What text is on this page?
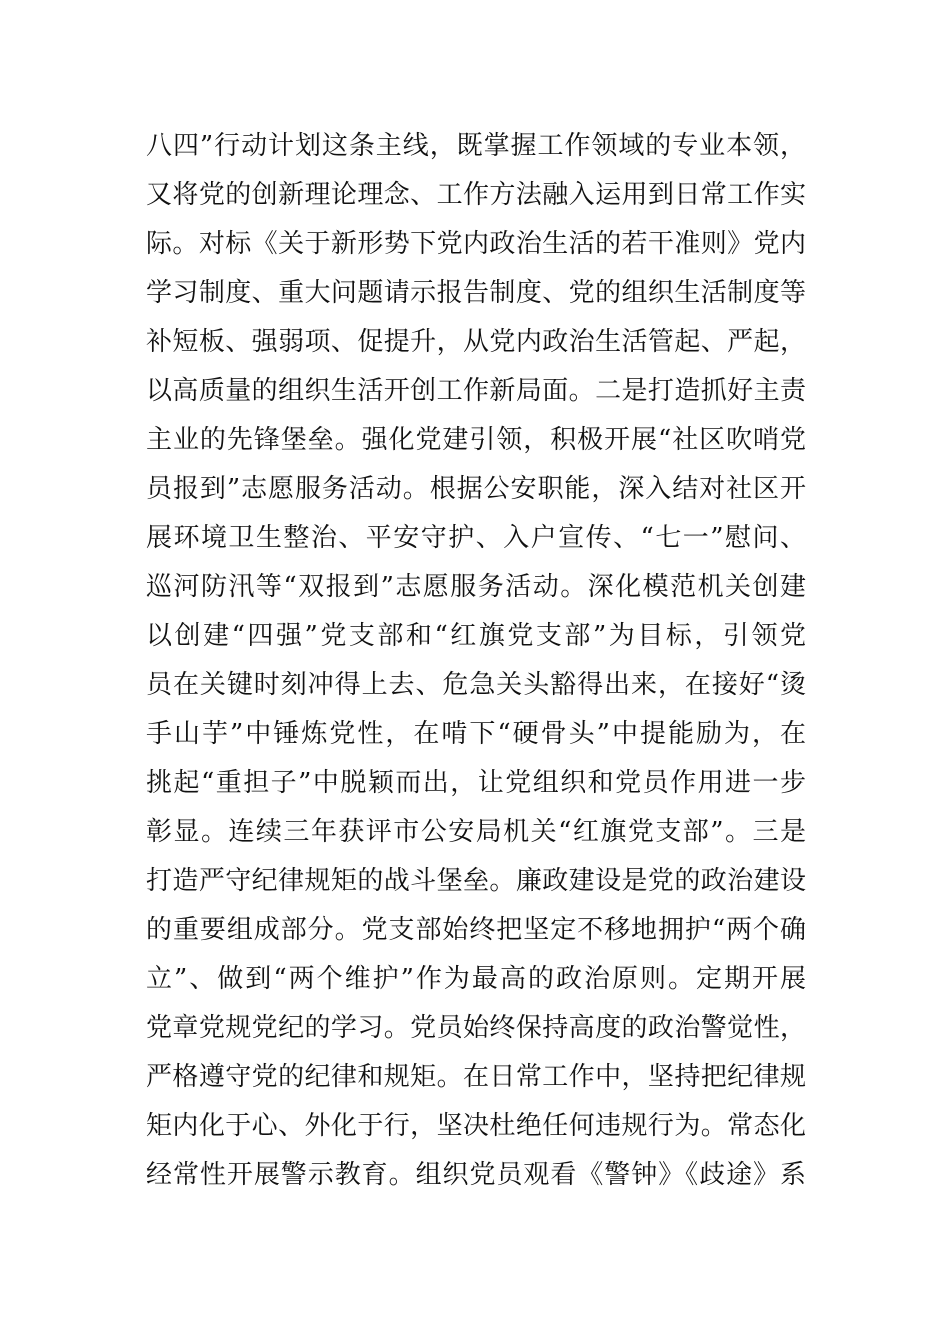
八四”行动计划这条主线，既掌握工作领域的专业本领，
又将党的创新理论理念、工作方法融入运用到日常工作实
际。对标《关于新形势下党内政治生活的若干准则》党内
学习制度、重大问题请示报告制度、党的组织生活制度等
补短板、强弱项、促提升，从党内政治生活管起、严起，
以高质量的组织生活开创工作新局面。二是打造抓好主责
主业的先锋堡垒。强化党建引领，积极开展“社区吹哨党
员报到”志愿服务活动。根据公安职能，深入结对社区开
展环境卫生整治、平安守护、入户宣传、“七一”慰问、
巡河防汛等“双报到”志愿服务活动。深化模范机关创建
以创建“四强”党支部和“红旗党支部”为目标，引领党
员在关键时刻冲得上去、危急关头豁得出来，在接好“烫
手山芋”中锤炼党性，在啃下“硬骨头”中提能励为，在
挑起“重担子”中脱颖而出，让党组织和党员作用进一步
彰显。连续三年获评市公安局机关“红旗党支部”。三是
打造严守纪律规矩的战斗堡垒。廉政建设是党的政治建设
的重要组成部分。党支部始终把坚定不移地拥护“两个确
立”、做到“两个维护”作为最高的政治原则。定期开展
党章党规党纪的学习。党员始终保持高度的政治警觉性，
严格遵守党的纪律和规矩。在日常工作中，坚持把纪律规
矩内化于心、外化于行，坚决杜绝任何违规行为。常态化
经常性开展警示教育。组织党员观看《警钟》《歧途》系
